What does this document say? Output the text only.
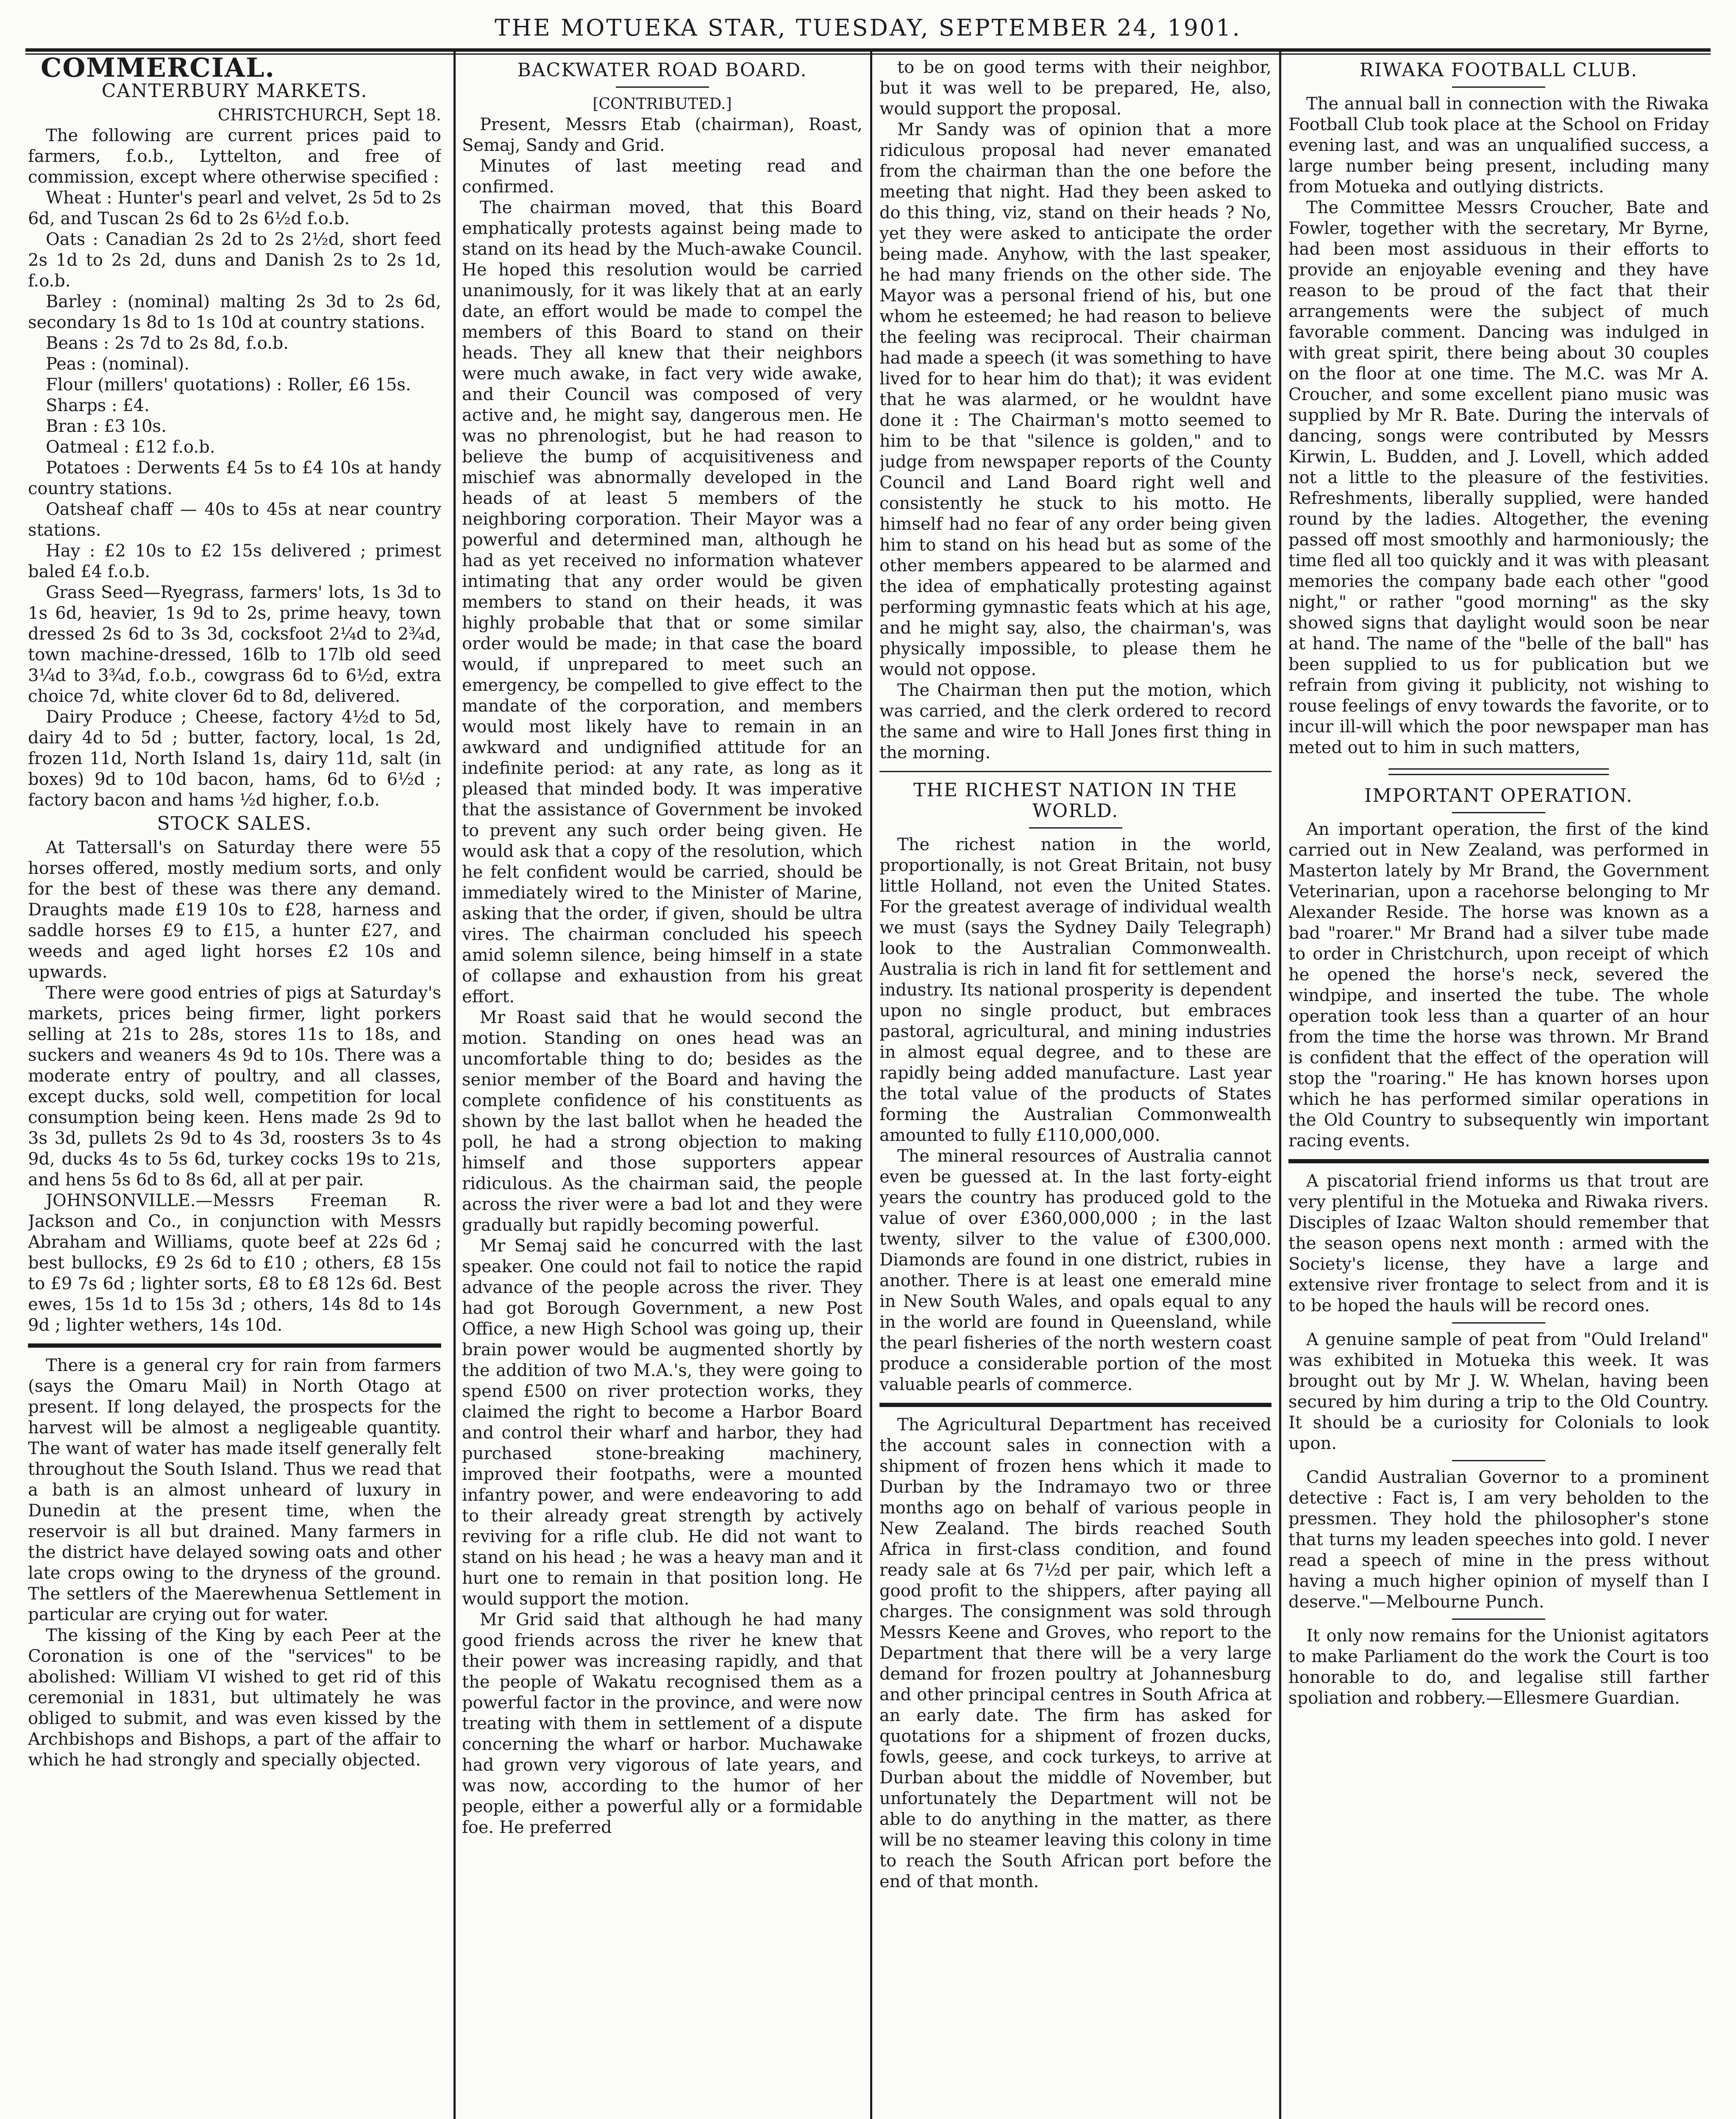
THE MOTUEKA STAR, TUESDAY, SEPTEMBER 24, 1901.
COMMERCIAL.
CANTERBURY MARKETS.
CHRISTCHURCH, Sept 18.

The following are current prices paid to farmers, f.o.b., Lyttelton, and free of commission, except where otherwise specified :

Wheat : Hunter's pearl and velvet, 2s 5d to 2s 6d, and Tuscan 2s 6d to 2s 6½d f.o.b.

Oats : Canadian 2s 2d to 2s 2½d, short feed 2s 1d to 2s 2d, duns and Danish 2s to 2s 1d, f.o.b.

Barley : (nominal) malting 2s 3d to 2s 6d, secondary 1s 8d to 1s 10d at country stations.

Beans : 2s 7d to 2s 8d, f.o.b.

Peas : (nominal).

Flour (millers' quotations) : Roller, £6 15s.

Sharps : £4.

Bran : £3 10s.

Oatmeal : £12 f.o.b.

Potatoes : Derwents £4 5s to £4 10s at handy country stations.

Oatsheaf chaff — 40s to 45s at near country stations.

Hay : £2 10s to £2 15s delivered ; primest baled £4 f.o.b.

Grass Seed—Ryegrass, farmers' lots, 1s 3d to 1s 6d, heavier, 1s 9d to 2s, prime heavy, town dressed 2s 6d to 3s 3d, cocksfoot 2¼d to 2¾d, town machine-dressed, 16lb to 17lb old seed 3¼d to 3¾d, f.o.b., cowgrass 6d to 6½d, extra choice 7d, white clover 6d to 8d, delivered.

Dairy Produce ; Cheese, factory 4½d to 5d, dairy 4d to 5d ; butter, factory, local, 1s 2d, frozen 11d, North Island 1s, dairy 11d, salt (in boxes) 9d to 10d bacon, hams, 6d to 6½d ; factory bacon and hams ½d higher, f.o.b.

STOCK SALES.

At Tattersall's on Saturday there were 55 horses offered, mostly medium sorts, and only for the best of these was there any demand. Draughts made £19 10s to £28, harness and saddle horses £9 to £15, a hunter £27, and weeds and aged light horses £2 10s and upwards.

There were good entries of pigs at Saturday's markets, prices being firmer, light porkers selling at 21s to 28s, stores 11s to 18s, and suckers and weaners 4s 9d to 10s. There was a moderate entry of poultry, and all classes, except ducks, sold well, competition for local consumption being keen. Hens made 2s 9d to 3s 3d, pullets 2s 9d to 4s 3d, roosters 3s to 4s 9d, ducks 4s to 5s 6d, turkey cocks 19s to 21s, and hens 5s 6d to 8s 6d, all at per pair.

JOHNSONVILLE.—Messrs Freeman R. Jackson and Co., in conjunction with Messrs Abraham and Williams, quote beef at 22s 6d ; best bullocks, £9 2s 6d to £10 ; others, £8 15s to £9 7s 6d ; lighter sorts, £8 to £8 12s 6d. Best ewes, 15s 1d to 15s 3d ; others, 14s 8d to 14s 9d ; lighter wethers, 14s 10d.

There is a general cry for rain from farmers (says the Omaru Mail) in North Otago at present. If long delayed, the prospects for the harvest will be almost a negligeable quantity. The want of water has made itself generally felt throughout the South Island. Thus we read that a bath is an almost unheard of luxury in Dunedin at the present time, when the reservoir is all but drained. Many farmers in the district have delayed sowing oats and other late crops owing to the dryness of the ground. The settlers of the Maerewhenua Settlement in particular are crying out for water.

The kissing of the King by each Peer at the Coronation is one of the "services" to be abolished: William VI wished to get rid of this ceremonial in 1831, but ultimately he was obliged to submit, and was even kissed by the Archbishops and Bishops, a part of the affair to which he had strongly and specially objected.

BACKWATER ROAD BOARD.
[CONTRIBUTED.]

Present, Messrs Etab (chairman), Roast, Semaj, Sandy and Grid.

Minutes of last meeting read and confirmed.

The chairman moved, that this Board emphatically protests against being made to stand on its head by the Much-awake Council. He hoped this resolution would be carried unanimously, for it was likely that at an early date, an effort would be made to compel the members of this Board to stand on their heads. They all knew that their neighbors were much awake, in fact very wide awake, and their Council was composed of very active and, he might say, dangerous men. He was no phrenologist, but he had reason to believe the bump of acquisitiveness and mischief was abnormally developed in the heads of at least 5 members of the neighboring corporation. Their Mayor was a powerful and determined man, although he had as yet received no information whatever intimating that any order would be given members to stand on their heads, it was highly probable that that or some similar order would be made; in that case the board would, if unprepared to meet such an emergency, be compelled to give effect to the mandate of the corporation, and members would most likely have to remain in an awkward and undignified attitude for an indefinite period: at any rate, as long as it pleased that minded body. It was imperative that the assistance of Government be invoked to prevent any such order being given. He would ask that a copy of the resolution, which he felt confident would be carried, should be immediately wired to the Minister of Marine, asking that the order, if given, should be ultra vires. The chairman concluded his speech amid solemn silence, being himself in a state of collapse and exhaustion from his great effort.

Mr Roast said that he would second the motion. Standing on ones head was an uncomfortable thing to do; besides as the senior member of the Board and having the complete confidence of his constituents as shown by the last ballot when he headed the poll, he had a strong objection to making himself and those supporters appear ridiculous. As the chairman said, the people across the river were a bad lot and they were gradually but rapidly becoming powerful.

Mr Semaj said he concurred with the last speaker. One could not fail to notice the rapid advance of the people across the river. They had got Borough Government, a new Post Office, a new High School was going up, their brain power would be augmented shortly by the addition of two M.A.'s, they were going to spend £500 on river protection works, they claimed the right to become a Harbor Board and control their wharf and harbor, they had purchased stone-breaking machinery, improved their footpaths, were a mounted infantry power, and were endeavoring to add to their already great strength by actively reviving for a rifle club. He did not want to stand on his head ; he was a heavy man and it hurt one to remain in that position long. He would support the motion.

Mr Grid said that although he had many good friends across the river he knew that their power was increasing rapidly, and that the people of Wakatu recognised them as a powerful factor in the province, and were now treating with them in settlement of a dispute concerning the wharf or harbor. Muchawake had grown very vigorous of late years, and was now, according to the humor of her people, either a powerful ally or a formidable foe. He preferred

to be on good terms with their neighbor, but it was well to be prepared, He, also, would support the proposal.

Mr Sandy was of opinion that a more ridiculous proposal had never emanated from the chairman than the one before the meeting that night. Had they been asked to do this thing, viz, stand on their heads ? No, yet they were asked to anticipate the order being made. Anyhow, with the last speaker, he had many friends on the other side. The Mayor was a personal friend of his, but one whom he esteemed; he had reason to believe the feeling was reciprocal. Their chairman had made a speech (it was something to have lived for to hear him do that); it was evident that he was alarmed, or he wouldnt have done it : The Chairman's motto seemed to him to be that "silence is golden," and to judge from newspaper reports of the County Council and Land Board right well and consistently he stuck to his motto. He himself had no fear of any order being given him to stand on his head but as some of the other members appeared to be alarmed and the idea of emphatically protesting against performing gymnastic feats which at his age, and he might say, also, the chairman's, was physically impossible, to please them he would not oppose.

The Chairman then put the motion, which was carried, and the clerk ordered to record the same and wire to Hall Jones first thing in the morning.

THE RICHEST NATION IN THE WORLD.

The richest nation in the world, proportionally, is not Great Britain, not busy little Holland, not even the United States. For the greatest average of individual wealth we must (says the Sydney Daily Telegraph) look to the Australian Commonwealth. Australia is rich in land fit for settlement and industry. Its national prosperity is dependent upon no single product, but embraces pastoral, agricultural, and mining industries in almost equal degree, and to these are rapidly being added manufacture. Last year the total value of the products of States forming the Australian Commonwealth amounted to fully £110,000,000.

The mineral resources of Australia cannot even be guessed at. In the last forty-eight years the country has produced gold to the value of over £360,000,000 ; in the last twenty, silver to the value of £300,000. Diamonds are found in one district, rubies in another. There is at least one emerald mine in New South Wales, and opals equal to any in the world are found in Queensland, while the pearl fisheries of the north western coast produce a considerable portion of the most valuable pearls of commerce.

The Agricultural Department has received the account sales in connection with a shipment of frozen hens which it made to Durban by the Indramayo two or three months ago on behalf of various people in New Zealand. The birds reached South Africa in first-class condition, and found ready sale at 6s 7½d per pair, which left a good profit to the shippers, after paying all charges. The consignment was sold through Messrs Keene and Groves, who report to the Department that there will be a very large demand for frozen poultry at Johannesburg and other principal centres in South Africa at an early date. The firm has asked for quotations for a shipment of frozen ducks, fowls, geese, and cock turkeys, to arrive at Durban about the middle of November, but unfortunately the Department will not be able to do anything in the matter, as there will be no steamer leaving this colony in time to reach the South African port before the end of that month.

RIWAKA FOOTBALL CLUB.

The annual ball in connection with the Riwaka Football Club took place at the School on Friday evening last, and was an unqualified success, a large number being present, including many from Motueka and outlying districts.

The Committee Messrs Croucher, Bate and Fowler, together with the secretary, Mr Byrne, had been most assiduous in their efforts to provide an enjoyable evening and they have reason to be proud of the fact that their arrangements were the subject of much favorable comment. Dancing was indulged in with great spirit, there being about 30 couples on the floor at one time. The M.C. was Mr A. Croucher, and some excellent piano music was supplied by Mr R. Bate. During the intervals of dancing, songs were contributed by Messrs Kirwin, L. Budden, and J. Lovell, which added not a little to the pleasure of the festivities. Refreshments, liberally supplied, were handed round by the ladies. Altogether, the evening passed off most smoothly and harmoniously; the time fled all too quickly and it was with pleasant memories the company bade each other "good night," or rather "good morning" as the sky showed signs that daylight would soon be near at hand. The name of the "belle of the ball" has been supplied to us for publication but we refrain from giving it publicity, not wishing to rouse feelings of envy towards the favorite, or to incur ill-will which the poor newspaper man has meted out to him in such matters,

IMPORTANT OPERATION.

An important operation, the first of the kind carried out in New Zealand, was performed in Masterton lately by Mr Brand, the Government Veterinarian, upon a racehorse belonging to Mr Alexander Reside. The horse was known as a bad "roarer." Mr Brand had a silver tube made to order in Christchurch, upon receipt of which he opened the horse's neck, severed the windpipe, and inserted the tube. The whole operation took less than a quarter of an hour from the time the horse was thrown. Mr Brand is confident that the effect of the operation will stop the "roaring." He has known horses upon which he has performed similar operations in the Old Country to subsequently win important racing events.

A piscatorial friend informs us that trout are very plentiful in the Motueka and Riwaka rivers. Disciples of Izaac Walton should remember that the season opens next month : armed with the Society's license, they have a large and extensive river frontage to select from and it is to be hoped the hauls will be record ones.

A genuine sample of peat from "Ould Ireland" was exhibited in Motueka this week. It was brought out by Mr J. W. Whelan, having been secured by him during a trip to the Old Country. It should be a curiosity for Colonials to look upon.

Candid Australian Governor to a prominent detective : Fact is, I am very beholden to the pressmen. They hold the philosopher's stone that turns my leaden speeches into gold. I never read a speech of mine in the press without having a much higher opinion of myself than I deserve."—Melbourne Punch.

It only now remains for the Unionist agitators to make Parliament do the work the Court is too honorable to do, and legalise still farther spoliation and robbery.—Ellesmere Guardian.
